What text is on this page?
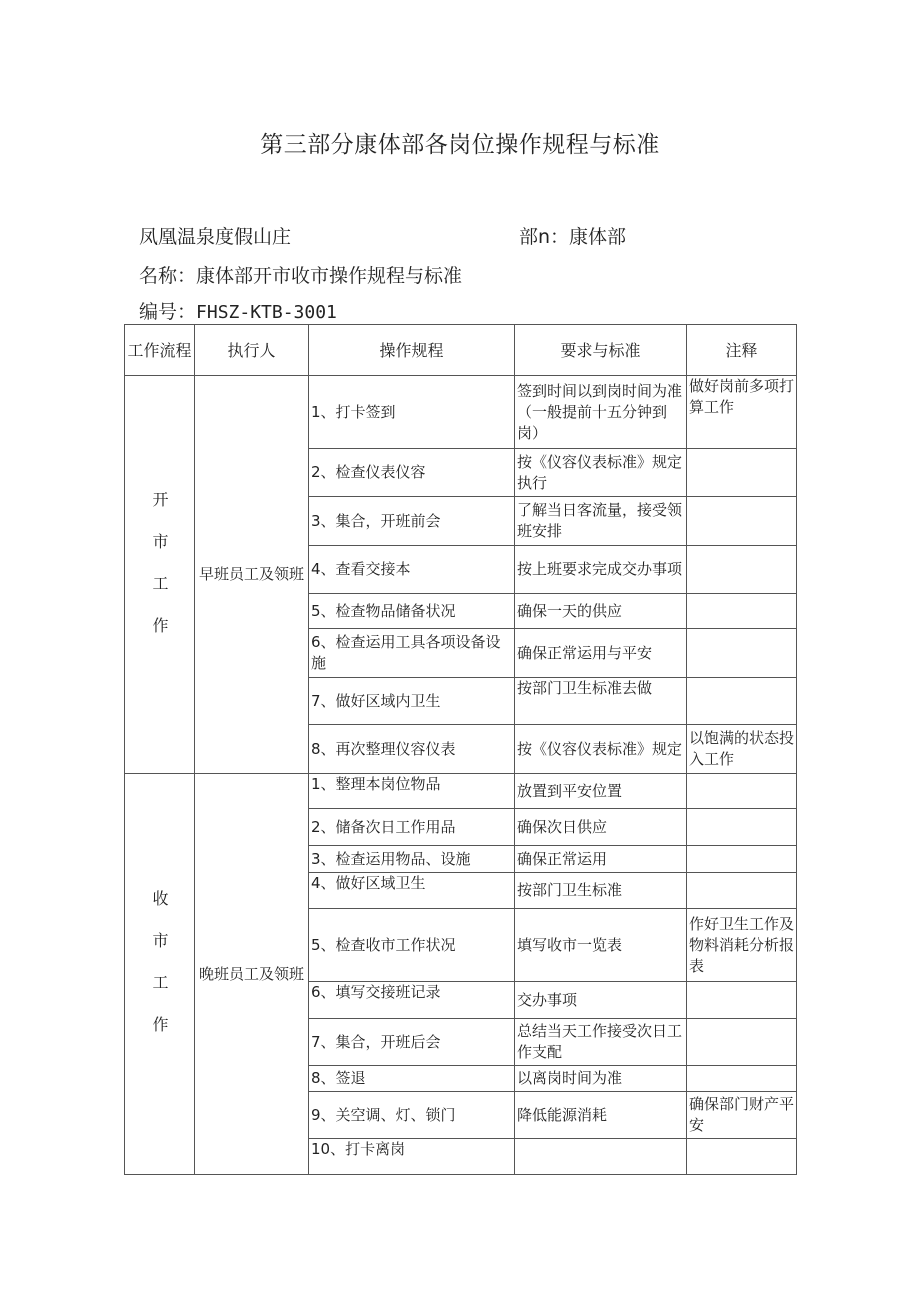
第三部分康体部各岗位操作规程与标准
凤凰温泉度假山庄	部n：康体部
名称：康体部开市收市操作规程与标准
编号：FHSZ-KTB-3001
工作流程	执行人	操作规程	要求与标准	注释

开市工作	早班员工及领班	1、打卡签到	签到时间以到岗时间为准（一般提前十五分钟到岗）	做好岗前多项打算工作
		2、检查仪表仪容	按《仪容仪表标准》规定执行	
		3、集合，开班前会	了解当日客流量，接受领班安排	
		4、查看交接本	按上班要求完成交办事项	
		5、检查物品储备状况	确保一天的供应	
		6、检查运用工具各项设备设施	确保正常运用与平安	
		7、做好区域内卫生	按部门卫生标准去做	
		8、再次整理仪容仪表	按《仪容仪表标准》规定	以饱满的状态投入工作

收市工作	晚班员工及领班	1、整理本岗位物品	放置到平安位置	
		2、储备次日工作用品	确保次日供应	
		3、检查运用物品、设施	确保正常运用	
		4、做好区域卫生	按部门卫生标准	
		5、检查收市工作状况	填写收市一览表	作好卫生工作及物料消耗分析报表
		6、填写交接班记录	交办事项	
		7、集合，开班后会	总结当天工作接受次日工作支配	
		8、签退	以离岗时间为准	
		9、关空调、灯、锁门	降低能源消耗	确保部门财产平安
		10、打卡离岗		
